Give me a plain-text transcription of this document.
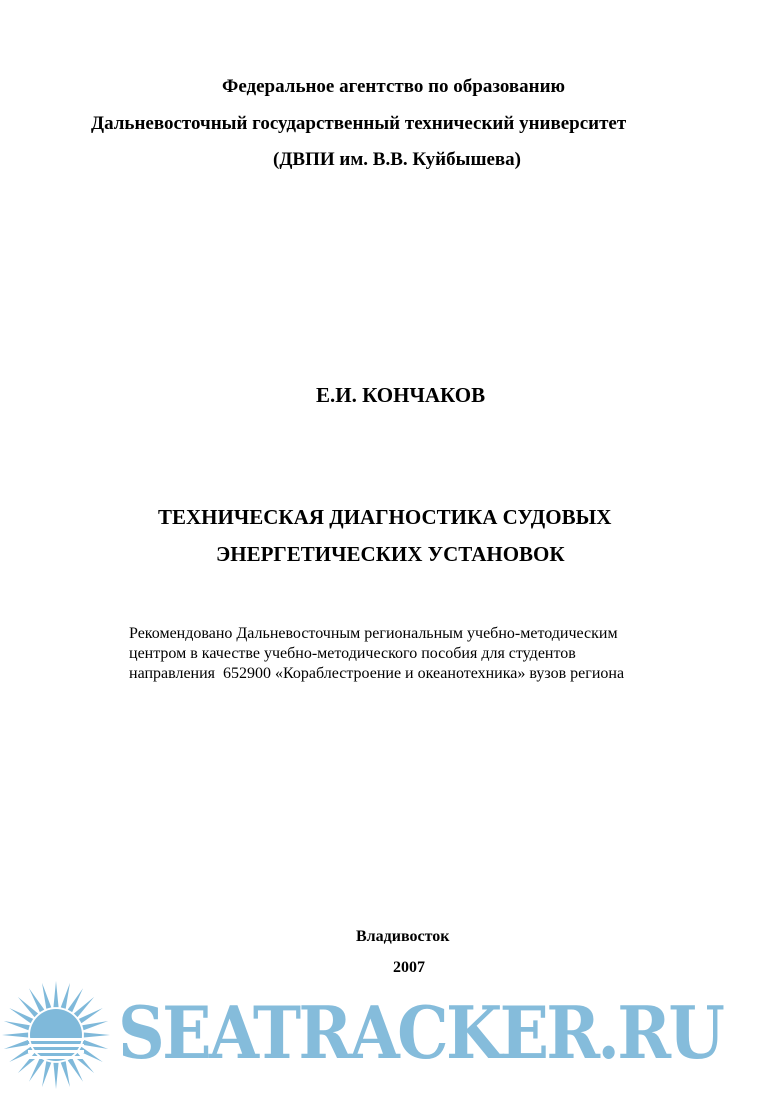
Федеральное агентство по образованию
Дальневосточный государственный технический университет
(ДВПИ им. В.В. Куйбышева)
Е.И. КОНЧАКОВ
ТЕХНИЧЕСКАЯ ДИАГНОСТИКА СУДОВЫХ
ЭНЕРГЕТИЧЕСКИХ УСТАНОВОК
Рекомендовано Дальневосточным региональным учебно-методическим
центром в качестве учебно-методического пособия для студентов
направления  652900 «Кораблестроение и океанотехника» вузов региона
Владивосток
2007
SEATRACKER.RU
